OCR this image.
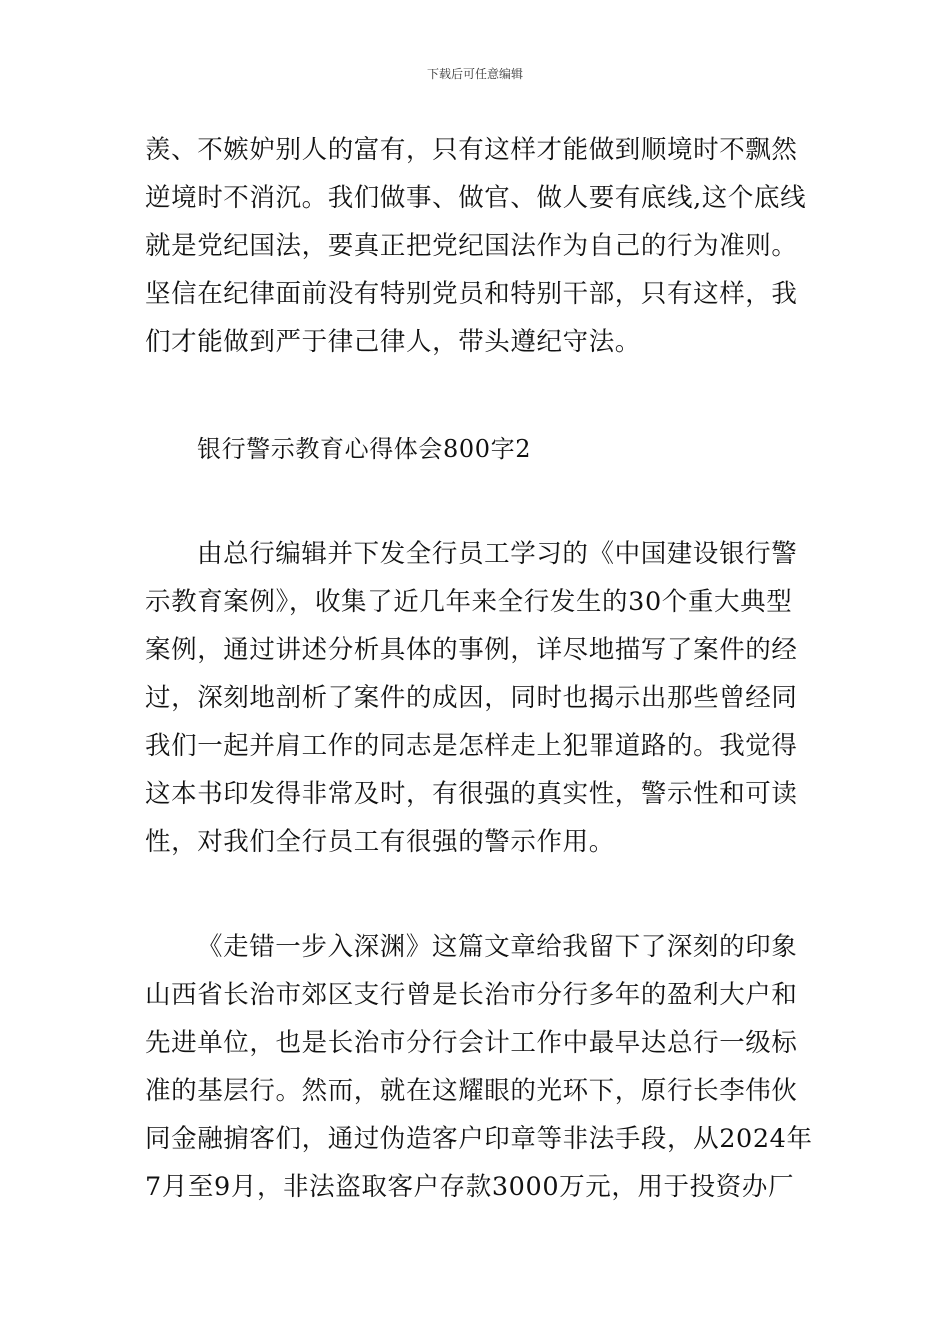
下载后可任意编辑
羡、不嫉妒别人的富有，只有这样才能做到顺境时不飘然
逆境时不消沉。我们做事、做官、做人要有底线,这个底线
就是党纪国法，要真正把党纪国法作为自己的行为准则。
坚信在纪律面前没有特别党员和特别干部，只有这样，我
们才能做到严于律己律人，带头遵纪守法。
银行警示教育心得体会800字2
由总行编辑并下发全行员工学习的《中国建设银行警
示教育案例》，收集了近几年来全行发生的30个重大典型
案例，通过讲述分析具体的事例，详尽地描写了案件的经
过，深刻地剖析了案件的成因，同时也揭示出那些曾经同
我们一起并肩工作的同志是怎样走上犯罪道路的。我觉得
这本书印发得非常及时，有很强的真实性，警示性和可读
性，对我们全行员工有很强的警示作用。
《走错一步入深渊》这篇文章给我留下了深刻的印象
山西省长治市郊区支行曾是长治市分行多年的盈利大户和
先进单位，也是长治市分行会计工作中最早达总行一级标
准的基层行。然而，就在这耀眼的光环下，原行长李伟伙
同金融掮客们，通过伪造客户印章等非法手段，从2024年
7月至9月，非法盗取客户存款3000万元，用于投资办厂
